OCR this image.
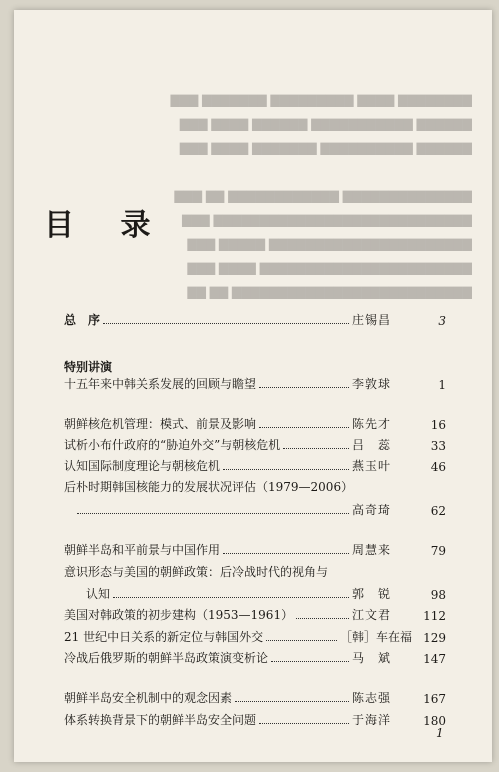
▇▇▇▇▇▇▇▇ ▇▇▇▇ ▇▇▇▇▇▇▇▇▇ ▇▇▇▇▇▇▇ ▇▇▇
▇▇▇▇▇▇ ▇▇▇▇▇▇▇▇▇▇▇ ▇▇▇▇▇▇ ▇▇▇▇ ▇▇▇
▇▇▇▇▇▇ ▇▇▇▇▇▇▇▇▇▇ ▇▇▇▇▇▇▇ ▇▇▇▇ ▇▇▇

▇▇▇▇▇▇▇▇▇▇▇▇▇▇ ▇▇▇▇▇▇▇▇▇▇▇▇ ▇▇ ▇▇▇
▇▇▇▇▇▇▇▇▇▇▇▇▇▇▇▇▇▇▇▇▇▇▇▇▇▇▇▇ ▇▇▇
▇▇▇▇▇▇▇▇▇▇▇▇▇▇▇▇▇▇▇▇▇▇ ▇▇▇▇▇ ▇▇▇
▇▇▇▇▇▇▇▇▇▇▇▇▇▇▇▇▇▇▇▇▇▇▇ ▇▇▇▇ ▇▇▇
▇▇▇▇▇▇▇▇▇▇▇▇▇▇▇▇▇▇▇▇▇▇▇▇▇▇ ▇▇ ▇▇
目 录
总　序	庄锡昌	3
特别讲演
十五年来中韩关系发展的回顾与瞻望	李敦球	1
朝鲜核危机管理：模式、前景及影响	陈先才	16
试析小布什政府的“胁迫外交”与朝核危机	吕　蕊	33
认知国际制度理论与朝核危机	燕玉叶	46
后朴时期韩国核能力的发展状况评估（1979—2006）
高奇琦	62
朝鲜半岛和平前景与中国作用	周慧来	79
意识形态与美国的朝鲜政策：后冷战时代的视角与
认知	郭　锐	98
美国对韩政策的初步建构（1953—1961）	江文君	112
21 世纪中日关系的新定位与韩国外交	［韩］车在福 129
冷战后俄罗斯的朝鲜半岛政策演变析论	马　斌	147
朝鲜半岛安全机制中的观念因素	陈志强	167
体系转换背景下的朝鲜半岛安全问题	于海洋	180
1
